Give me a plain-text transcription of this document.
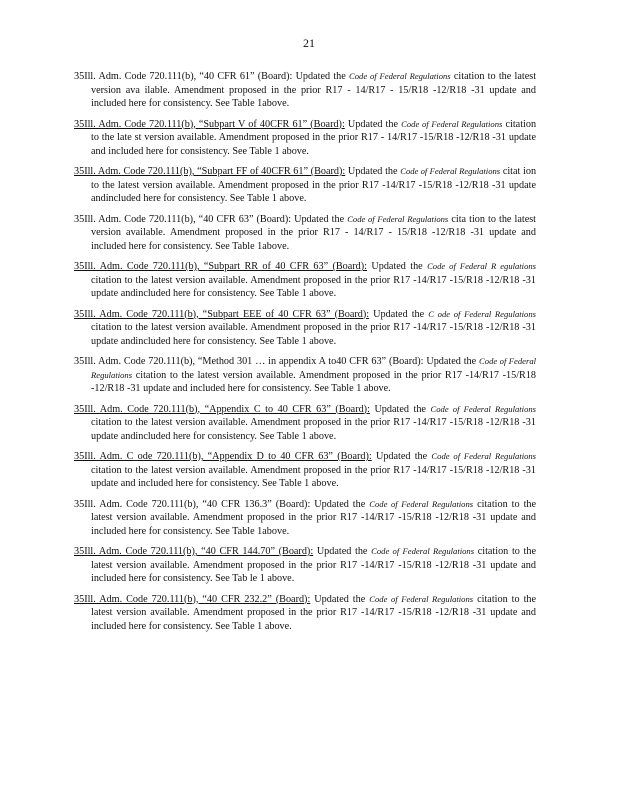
21

35Ill. Adm. Code 720.111(b), “40 CFR 61” (Board): Updated the Code of Federal Regulations citation to the latest version ava ilable. Amendment proposed in the prior R17 - 14/R17 - 15/R18 -12/R18 -31 update and included here for consistency. See Table 1above.

35Ill. Adm. Code 720.111(b), “Subpart V of 40CFR 61” (Board): Updated the Code of Federal Regulations citation to the late st version available. Amendment proposed in the prior R17 - 14/R17 -15/R18 -12/R18 -31 update and included here for consistency. See Table 1 above.

35Ill. Adm. Code 720.111(b), “Subpart FF of 40CFR 61” (Board): Updated the Code of Federal Regulations citat ion to the latest version available. Amendment proposed in the prior R17 -14/R17 -15/R18 -12/R18 -31 update andincluded here for consistency. See Table 1 above.

35Ill. Adm. Code 720.111(b), “40 CFR 63” (Board): Updated the Code of Federal Regulations cita tion to the latest version available. Amendment proposed in the prior R17 - 14/R17 - 15/R18 -12/R18 -31 update and included here for consistency. See Table 1above.

35Ill. Adm. Code 720.111(b), “Subpart RR of 40 CFR 63” (Board): Updated the Code of Federal R egulations citation to the latest version available. Amendment proposed in the prior R17 -14/R17 -15/R18 -12/R18 -31 update andincluded here for consistency. See Table 1 above.

35Ill. Adm. Code 720.111(b), “Subpart EEE of 40 CFR 63” (Board): Updated the C ode of Federal Regulations citation to the latest version available. Amendment proposed in the prior R17 -14/R17 -15/R18 -12/R18 -31 update andincluded here for consistency. See Table 1 above.

35Ill. Adm. Code 720.111(b), “Method 301 … in appendix A to40 CFR 63” (Board): Updated the Code of Federal Regulations citation to the latest version available. Amendment proposed in the prior R17 -14/R17 -15/R18 -12/R18 -31 update and included here for consistency. See Table 1 above.

35Ill. Adm. Code 720.111(b), “Appendix C to 40 CFR 63” (Board): Updated the Code of Federal Regulations citation to the latest version available. Amendment proposed in the prior R17 -14/R17 -15/R18 -12/R18 -31 update andincluded here for consistency. See Table 1 above.

35Ill. Adm. C ode 720.111(b), “Appendix D to 40 CFR 63” (Board): Updated the Code of Federal Regulations citation to the latest version available. Amendment proposed in the prior R17 -14/R17 -15/R18 -12/R18 -31 update and included here for consistency. See Table 1 above.

35Ill. Adm. Code 720.111(b), “40 CFR 136.3” (Board): Updated the Code of Federal Regulations citation to the latest version available. Amendment proposed in the prior R17 -14/R17 -15/R18 -12/R18 -31 update and included here for consistency. See Table 1above.

35Ill. Adm. Code 720.111(b), “40 CFR 144.70” (Board): Updated the Code of Federal Regulations citation to the latest version available. Amendment proposed in the prior R17 -14/R17 -15/R18 -12/R18 -31 update and included here for consistency. See Tab le 1 above.

35Ill. Adm. Code 720.111(b), “40 CFR 232.2” (Board): Updated the Code of Federal Regulations citation to the latest version available. Amendment proposed in the prior R17 -14/R17 -15/R18 -12/R18 -31 update and included here for consistency. See Table 1 above.
